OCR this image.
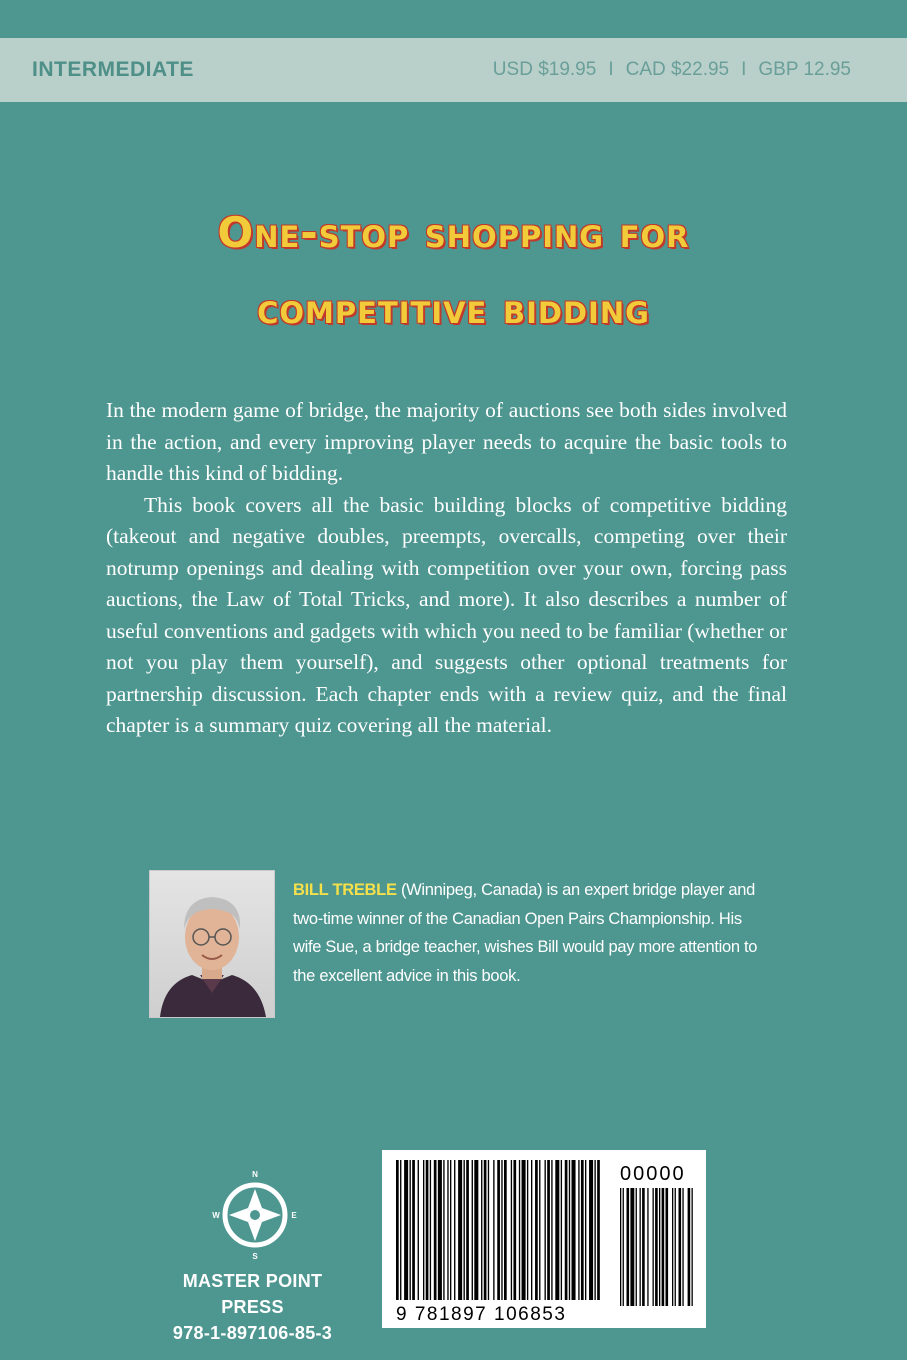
INTERMEDIATE	USD $19.95 I CAD $22.95 I GBP 12.95
One-stop shopping for
competitive bidding

In the modern game of bridge, the majority of auctions see both sides involved in the action, and every improving player needs to acquire the basic tools to handle this kind of bidding.

This book covers all the basic building blocks of competitive bidding (takeout and negative doubles, preempts, overcalls, competing over their notrump openings and dealing with competition over your own, forcing pass auctions, the Law of Total Tricks, and more). It also describes a number of useful conventions and gadgets with which you need to be familiar (whether or not you play them yourself), and suggests other optional treatments for partnership discussion. Each chapter ends with a review quiz, and the final chapter is a summary quiz covering all the material.

BILL TREBLE (Winnipeg, Canada) is an expert bridge player and two-time winner of the Canadian Open Pairs Championship. His wife Sue, a bridge teacher, wishes Bill would pay more attention to the excellent advice in this book.
N
E
S
W
MASTER POINT PRESS
978-1-897106-85-3
9 781897 106853
00000
